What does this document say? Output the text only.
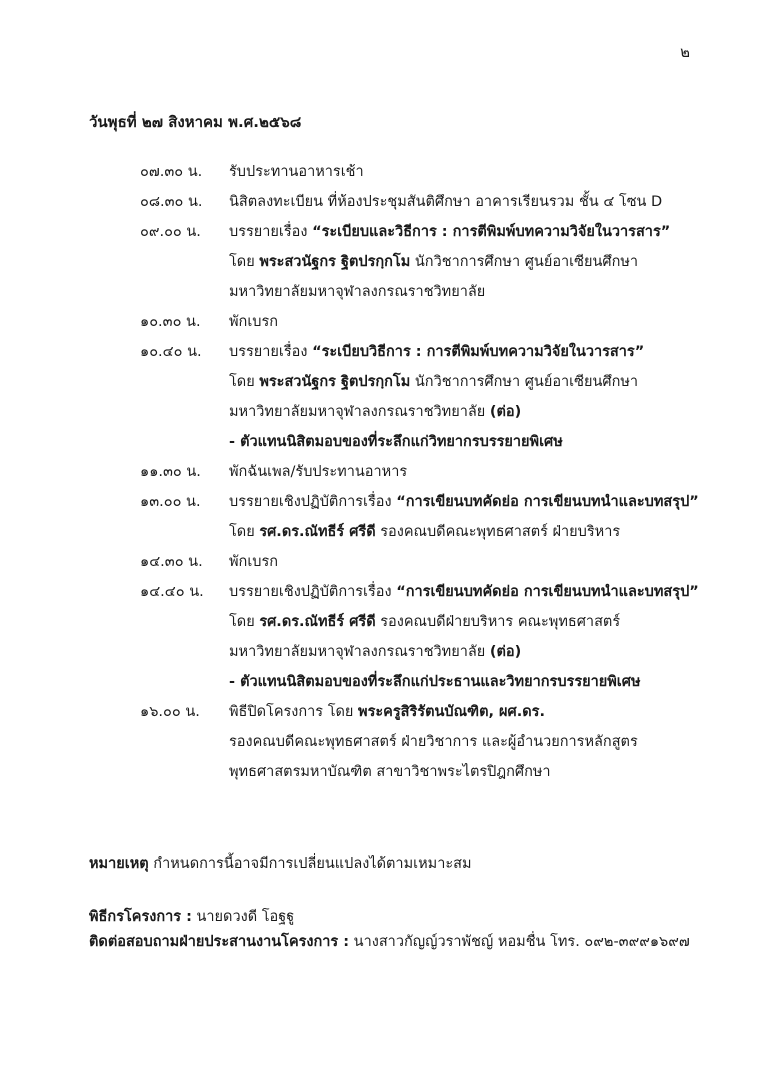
๒
วันพุธที่ ๒๗ สิงหาคม พ.ศ.๒๕๖๘
๐๗.๓๐ น. รับประทานอาหารเช้า
๐๘.๓๐ น. นิสิตลงทะเบียน ที่ห้องประชุมสันติศึกษา อาคารเรียนรวม ชั้น ๔ โซน D
๐๙.๐๐ น. บรรยายเรื่อง “ระเบียบและวิธีการ : การตีพิมพ์บทความวิจัยในวารสาร”
โดย พระสวนัฐกร ฐิตปรกฺกโม นักวิชาการศึกษา ศูนย์อาเซียนศึกษา
มหาวิทยาลัยมหาจุฬาลงกรณราชวิทยาลัย
๑๐.๓๐ น. พักเบรก
๑๐.๔๐ น. บรรยายเรื่อง “ระเบียบวิธีการ : การตีพิมพ์บทความวิจัยในวารสาร”
โดย พระสวนัฐกร ฐิตปรกฺกโม นักวิชาการศึกษา ศูนย์อาเซียนศึกษา
มหาวิทยาลัยมหาจุฬาลงกรณราชวิทยาลัย (ต่อ)
- ตัวแทนนิสิตมอบของที่ระลึกแก่วิทยากรบรรยายพิเศษ
๑๑.๓๐ น. พักฉันเพล/รับประทานอาหาร
๑๓.๐๐ น. บรรยายเชิงปฏิบัติการเรื่อง “การเขียนบทคัดย่อ การเขียนบทนำและบทสรุป”
โดย รศ.ดร.ณัทธีร์ ศรีดี รองคณบดีคณะพุทธศาสตร์ ฝ่ายบริหาร
๑๔.๓๐ น. พักเบรก
๑๔.๔๐ น. บรรยายเชิงปฏิบัติการเรื่อง “การเขียนบทคัดย่อ การเขียนบทนำและบทสรุป”
โดย รศ.ดร.ณัทธีร์ ศรีดี รองคณบดีฝ่ายบริหาร คณะพุทธศาสตร์
มหาวิทยาลัยมหาจุฬาลงกรณราชวิทยาลัย (ต่อ)
- ตัวแทนนิสิตมอบของที่ระลึกแก่ประธานและวิทยากรบรรยายพิเศษ
๑๖.๐๐ น. พิธีปิดโครงการ โดย พระครูสิริรัตนบัณฑิต, ผศ.ดร.
รองคณบดีคณะพุทธศาสตร์ ฝ่ายวิชาการ และผู้อำนวยการหลักสูตร
พุทธศาสตรมหาบัณฑิต สาขาวิชาพระไตรปิฎกศึกษา
หมายเหตุ กำหนดการนี้อาจมีการเปลี่ยนแปลงได้ตามเหมาะสม
พิธีกรโครงการ : นายดวงดี โอฐฐู
ติดต่อสอบถามฝ่ายประสานงานโครงการ : นางสาวกัญญ์วราพัชญ์ หอมชื่น โทร. ๐๙๒-๓๙๙๑๖๙๗
